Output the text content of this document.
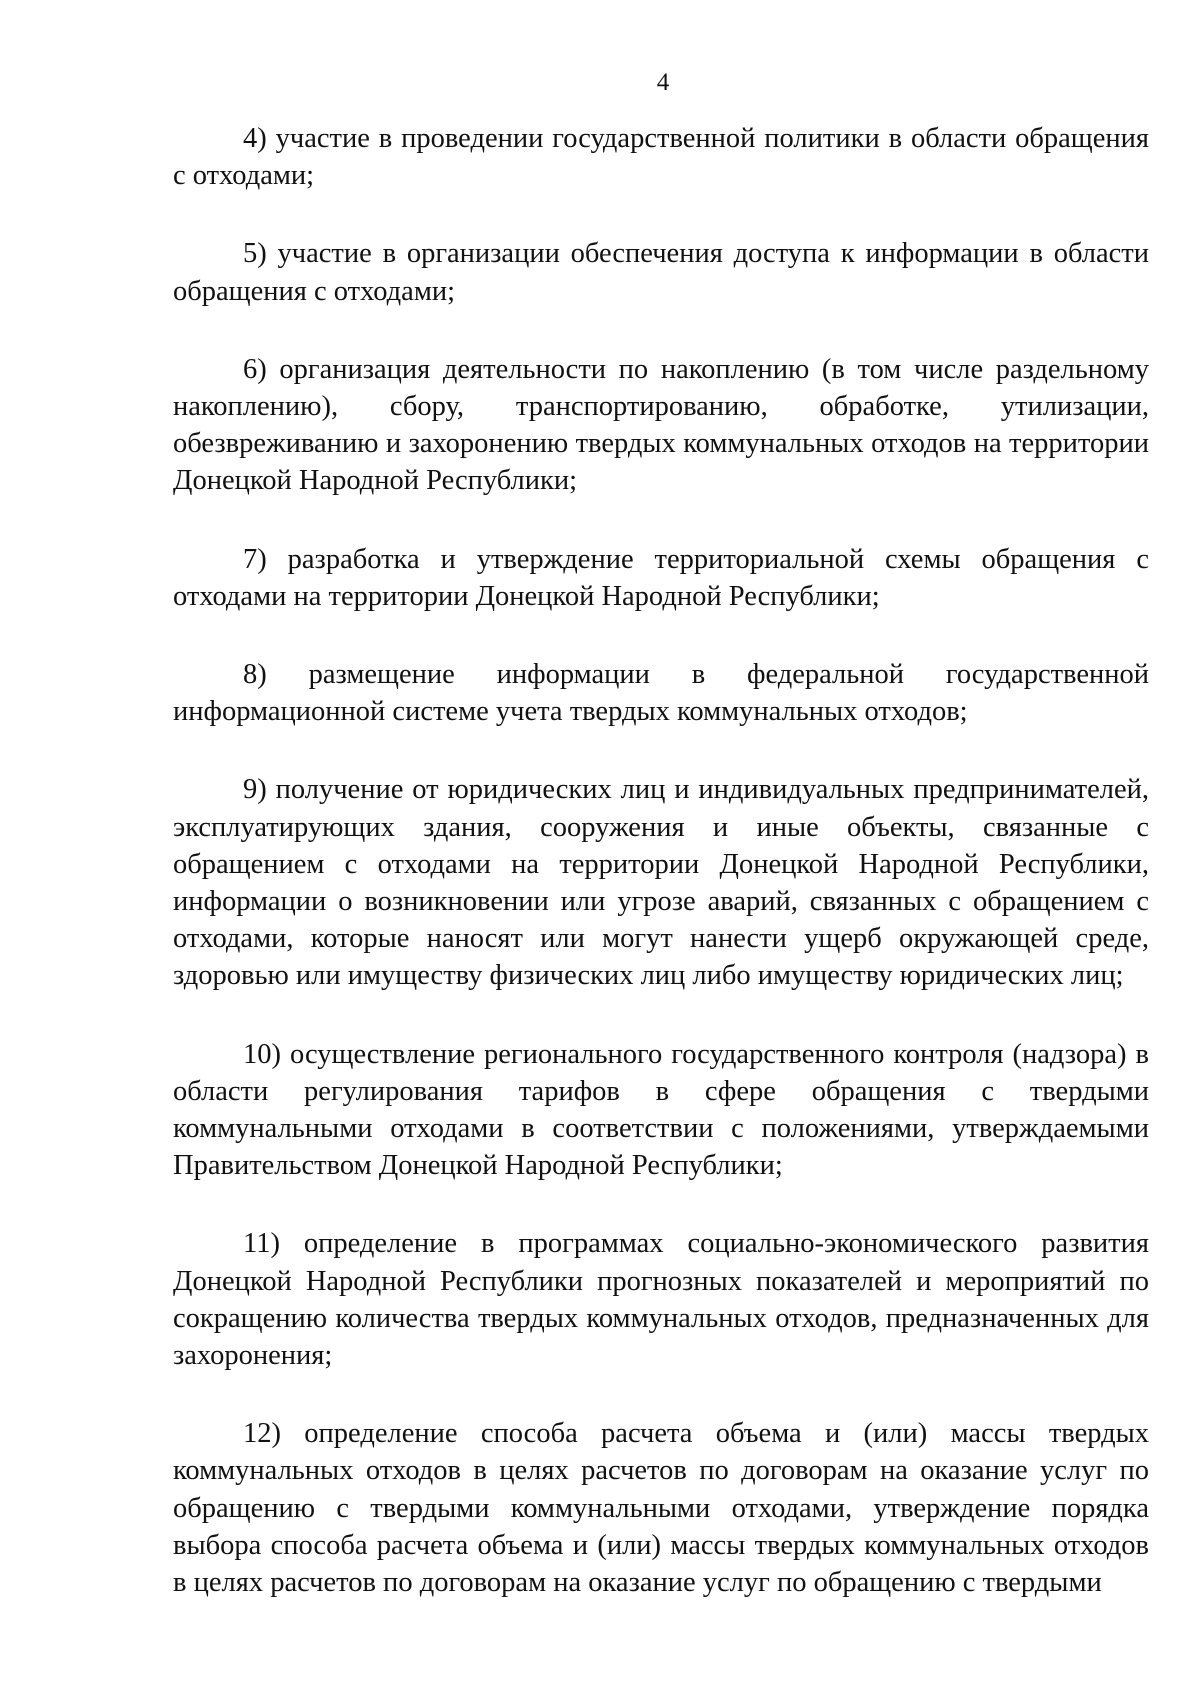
4

4) участие в проведении государственной политики в области обращения с отходами;

5) участие в организации обеспечения доступа к информации в области обращения с отходами;

6) организация деятельности по накоплению (в том числе раздельному накоплению), сбору, транспортированию, обработке, утилизации, обезвреживанию и захоронению твердых коммунальных отходов на территории Донецкой Народной Республики;

7) разработка и утверждение территориальной схемы обращения с отходами на территории Донецкой Народной Республики;

8) размещение информации в федеральной государственной информационной системе учета твердых коммунальных отходов;

9) получение от юридических лиц и индивидуальных предпринимателей, эксплуатирующих здания, сооружения и иные объекты, связанные с обращением с отходами на территории Донецкой Народной Республики, информации о возникновении или угрозе аварий, связанных с обращением с отходами, которые наносят или могут нанести ущерб окружающей среде, здоровью или имуществу физических лиц либо имуществу юридических лиц;

10) осуществление регионального государственного контроля (надзора) в области регулирования тарифов в сфере обращения с твердыми коммунальными отходами в соответствии с положениями, утверждаемыми Правительством Донецкой Народной Республики;

11) определение в программах социально-экономического развития Донецкой Народной Республики прогнозных показателей и мероприятий по сокращению количества твердых коммунальных отходов, предназначенных для захоронения;

12) определение способа расчета объема и (или) массы твердых коммунальных отходов в целях расчетов по договорам на оказание услуг по обращению с твердыми коммунальными отходами, утверждение порядка выбора способа расчета объема и (или) массы твердых коммунальных отходов в целях расчетов по договорам на оказание услуг по обращению с твердыми
